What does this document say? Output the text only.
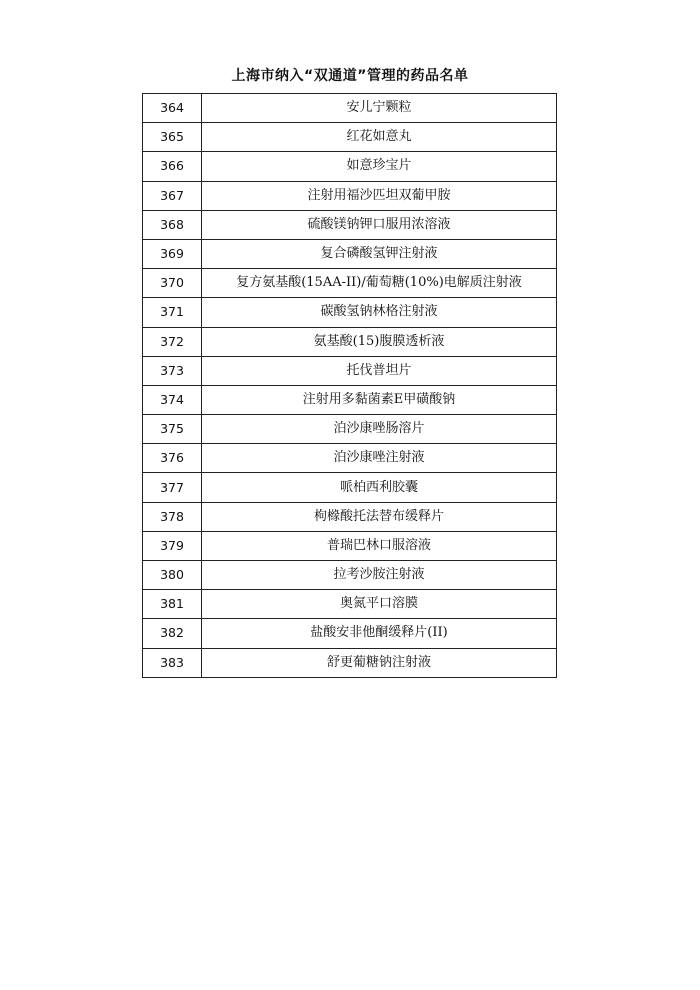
上海市纳入“双通道”管理的药品名单
364	安儿宁颗粒
365	红花如意丸
366	如意珍宝片
367	注射用福沙匹坦双葡甲胺
368	硫酸镁钠钾口服用浓溶液
369	复合磷酸氢钾注射液
370	复方氨基酸(15AA-II)/葡萄糖(10%)电解质注射液
371	碳酸氢钠林格注射液
372	氨基酸(15)腹膜透析液
373	托伐普坦片
374	注射用多黏菌素E甲磺酸钠
375	泊沙康唑肠溶片
376	泊沙康唑注射液
377	哌柏西利胶囊
378	枸橼酸托法替布缓释片
379	普瑞巴林口服溶液
380	拉考沙胺注射液
381	奥氮平口溶膜
382	盐酸安非他酮缓释片(II)
383	舒更葡糖钠注射液
